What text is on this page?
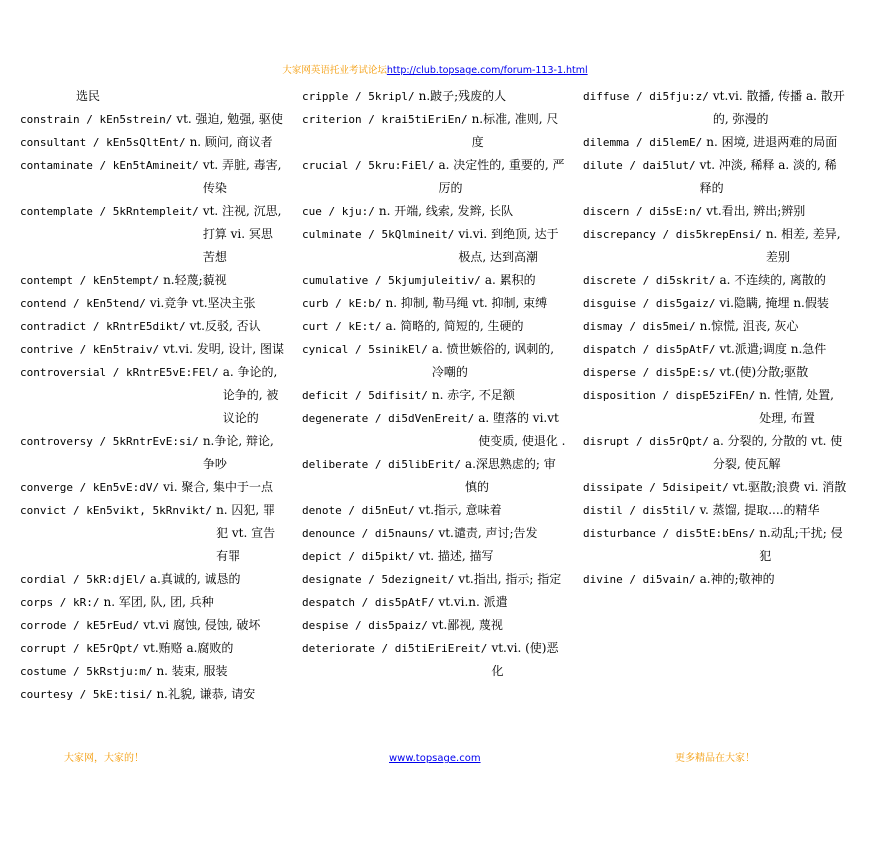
大家网英语托业考试论坛http://club.topsage.com/forum-113-1.html
选民
constrain / kEn5strein/ vt. 强迫, 勉强, 驱使
consultant / kEn5sQltEnt/ n. 顾问, 商议者
contaminate / kEn5tAmineit/ vt. 弄脏, 毒害, 传染
contemplate / 5kRntempleit/ vt. 注视, 沉思, 打算 vi. 冥思苦想
contempt / kEn5tempt/ n.轻蔑;藐视
contend / kEn5tend/ vi.竞争 vt.坚决主张
contradict / kRntrE5dikt/ vt.反驳, 否认
contrive / kEn5traiv/ vt.vi. 发明, 设计, 图谋
controversial / kRntrE5vE:FEl/ a. 争论的, 论争的, 被议论的
controversy / 5kRntrEvE:si/ n.争论, 辩论, 争吵
converge / kEn5vE:dV/ vi. 聚合, 集中于一点
convict / kEn5vikt, 5kRnvikt/ n. 囚犯, 罪犯 vt. 宣告有罪
cordial / 5kR:djEl/ a.真诚的, 诚恳的
corps / kR:/ n. 军团, 队, 团, 兵种
corrode / kE5rEud/ vt.vi 腐蚀, 侵蚀, 破坏
corrupt / kE5rQpt/ vt.贿赂 a.腐败的
costume / 5kRstju:m/ n. 装束, 服装
courtesy / 5kE:tisi/ n.礼貌, 谦恭, 请安
cripple / 5kripl/ n.跛子;残废的人
criterion / krai5tiEriEn/ n.标准, 准则, 尺度
crucial / 5kru:FiEl/ a. 决定性的, 重要的, 严厉的
cue / kju:/ n. 开端, 线索, 发辫, 长队
culminate / 5kQlmineit/ vi.vi. 到绝顶, 达于极点, 达到高潮
cumulative / 5kjumjuleitiv/ a. 累积的
curb / kE:b/ n. 抑制, 勒马绳 vt. 抑制, 束缚
curt / kE:t/ a. 简略的, 简短的, 生硬的
cynical / 5sinikEl/ a. 愤世嫉俗的, 讽刺的, 冷嘲的
deficit / 5difisit/ n. 赤字, 不足额
degenerate / di5dVenEreit/ a. 堕落的 vi.vt 使变质, 使退化 .
deliberate / di5libErit/ a.深思熟虑的; 审慎的
denote / di5nEut/ vt.指示, 意味着
denounce / di5nauns/ vt.谴责, 声讨;告发
depict / di5pikt/ vt. 描述, 描写
designate / 5dezigneit/ vt.指出, 指示; 指定
despatch / dis5pAtF/ vt.vi.n. 派遣
despise / dis5paiz/ vt.鄙视, 蔑视
deteriorate / di5tiEriEreit/ vt.vi. (使)恶化
diffuse / di5fju:z/ vt.vi. 散播, 传播 a. 散开的, 弥漫的
dilemma / di5lemE/ n. 困境, 进退两难的局面
dilute / dai5lut/ vt. 冲淡, 稀释 a. 淡的, 稀释的
discern / di5sE:n/ vt.看出, 辨出;辨别
discrepancy / dis5krepEnsi/ n. 相差, 差异, 差别
discrete / di5skrit/ a. 不连续的, 离散的
disguise / dis5gaiz/ vi.隐瞒, 掩埋 n.假装
dismay / dis5mei/ n.惊慌, 沮丧, 灰心
dispatch / dis5pAtF/ vt.派遣;调度 n.急件
disperse / dis5pE:s/ vt.(使)分散;驱散
disposition / dispE5ziFEn/ n. 性情, 处置, 处理, 布置
disrupt / dis5rQpt/ a. 分裂的, 分散的 vt. 使分裂, 使瓦解
dissipate / 5disipeit/ vt.驱散;浪费 vi. 消散
distil / dis5til/ v. 蒸馏, 提取....的精华
disturbance / dis5tE:bEns/ n.动乱;干扰; 侵犯
divine / di5vain/ a.神的;敬神的
大家网，大家的！	www.topsage.com	更多精品在大家！
